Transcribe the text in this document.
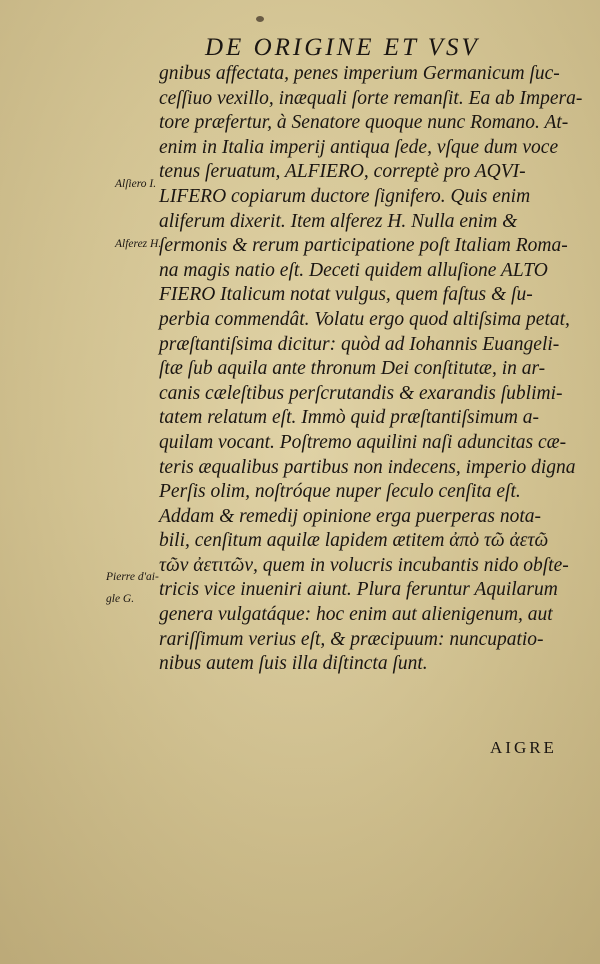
DE ORIGINE ET VSV
Alſiero I.
Alferez H.
Pierre d'ai-
gle G.
gnibus affectata, penes imperium Germanicum ſuc-
ceſſiuo vexillo, inæquali ſorte remanſit. Ea ab Impera-
tore præfertur, à Senatore quoque nunc Romano. At-
enim in Italia imperij antiqua ſede, vſque dum voce
tenus ſeruatum, ALFIERO, correptè pro AQVI-
LIFERO copiarum ductore ſignifero. Quis enim
aliferum dixerit. Item alferez H. Nulla enim &
ſermonis & rerum participatione poſt Italiam Roma-
na magis natio eſt. Deceti quidem alluſione ALTO
FIERO Italicum notat vulgus, quem faſtus & ſu-
perbia commendât. Volatu ergo quod altiſsima petat,
præſtantiſsima dicitur: quòd ad Iohannis Euangeli-
ſtæ ſub aquila ante thronum Dei conſtitutæ, in ar-
canis cæleſtibus perſcrutandis & exarandis ſublimi-
tatem relatum eſt. Immò quid præſtantiſsimum a-
quilam vocant. Poſtremo aquilini naſi aduncitas cæ-
teris æqualibus partibus non indecens, imperio digna
Perſis olim, noſtróque nuper ſeculo cenſita eſt.
Addam & remedij opinione erga puerperas nota-
bili, cenſitum aquilæ lapidem ætitem ἀπὸ τῶ ἀετῶ
τῶν ἀετιτῶν, quem in volucris incubantis nido obſte-
tricis vice inueniri aiunt. Plura feruntur Aquilarum
genera vulgatáque: hoc enim aut alienigenum, aut
rariſſimum verius eſt, & præcipuum: nuncupatio-
nibus autem ſuis illa diſtincta ſunt.
AIGRE
